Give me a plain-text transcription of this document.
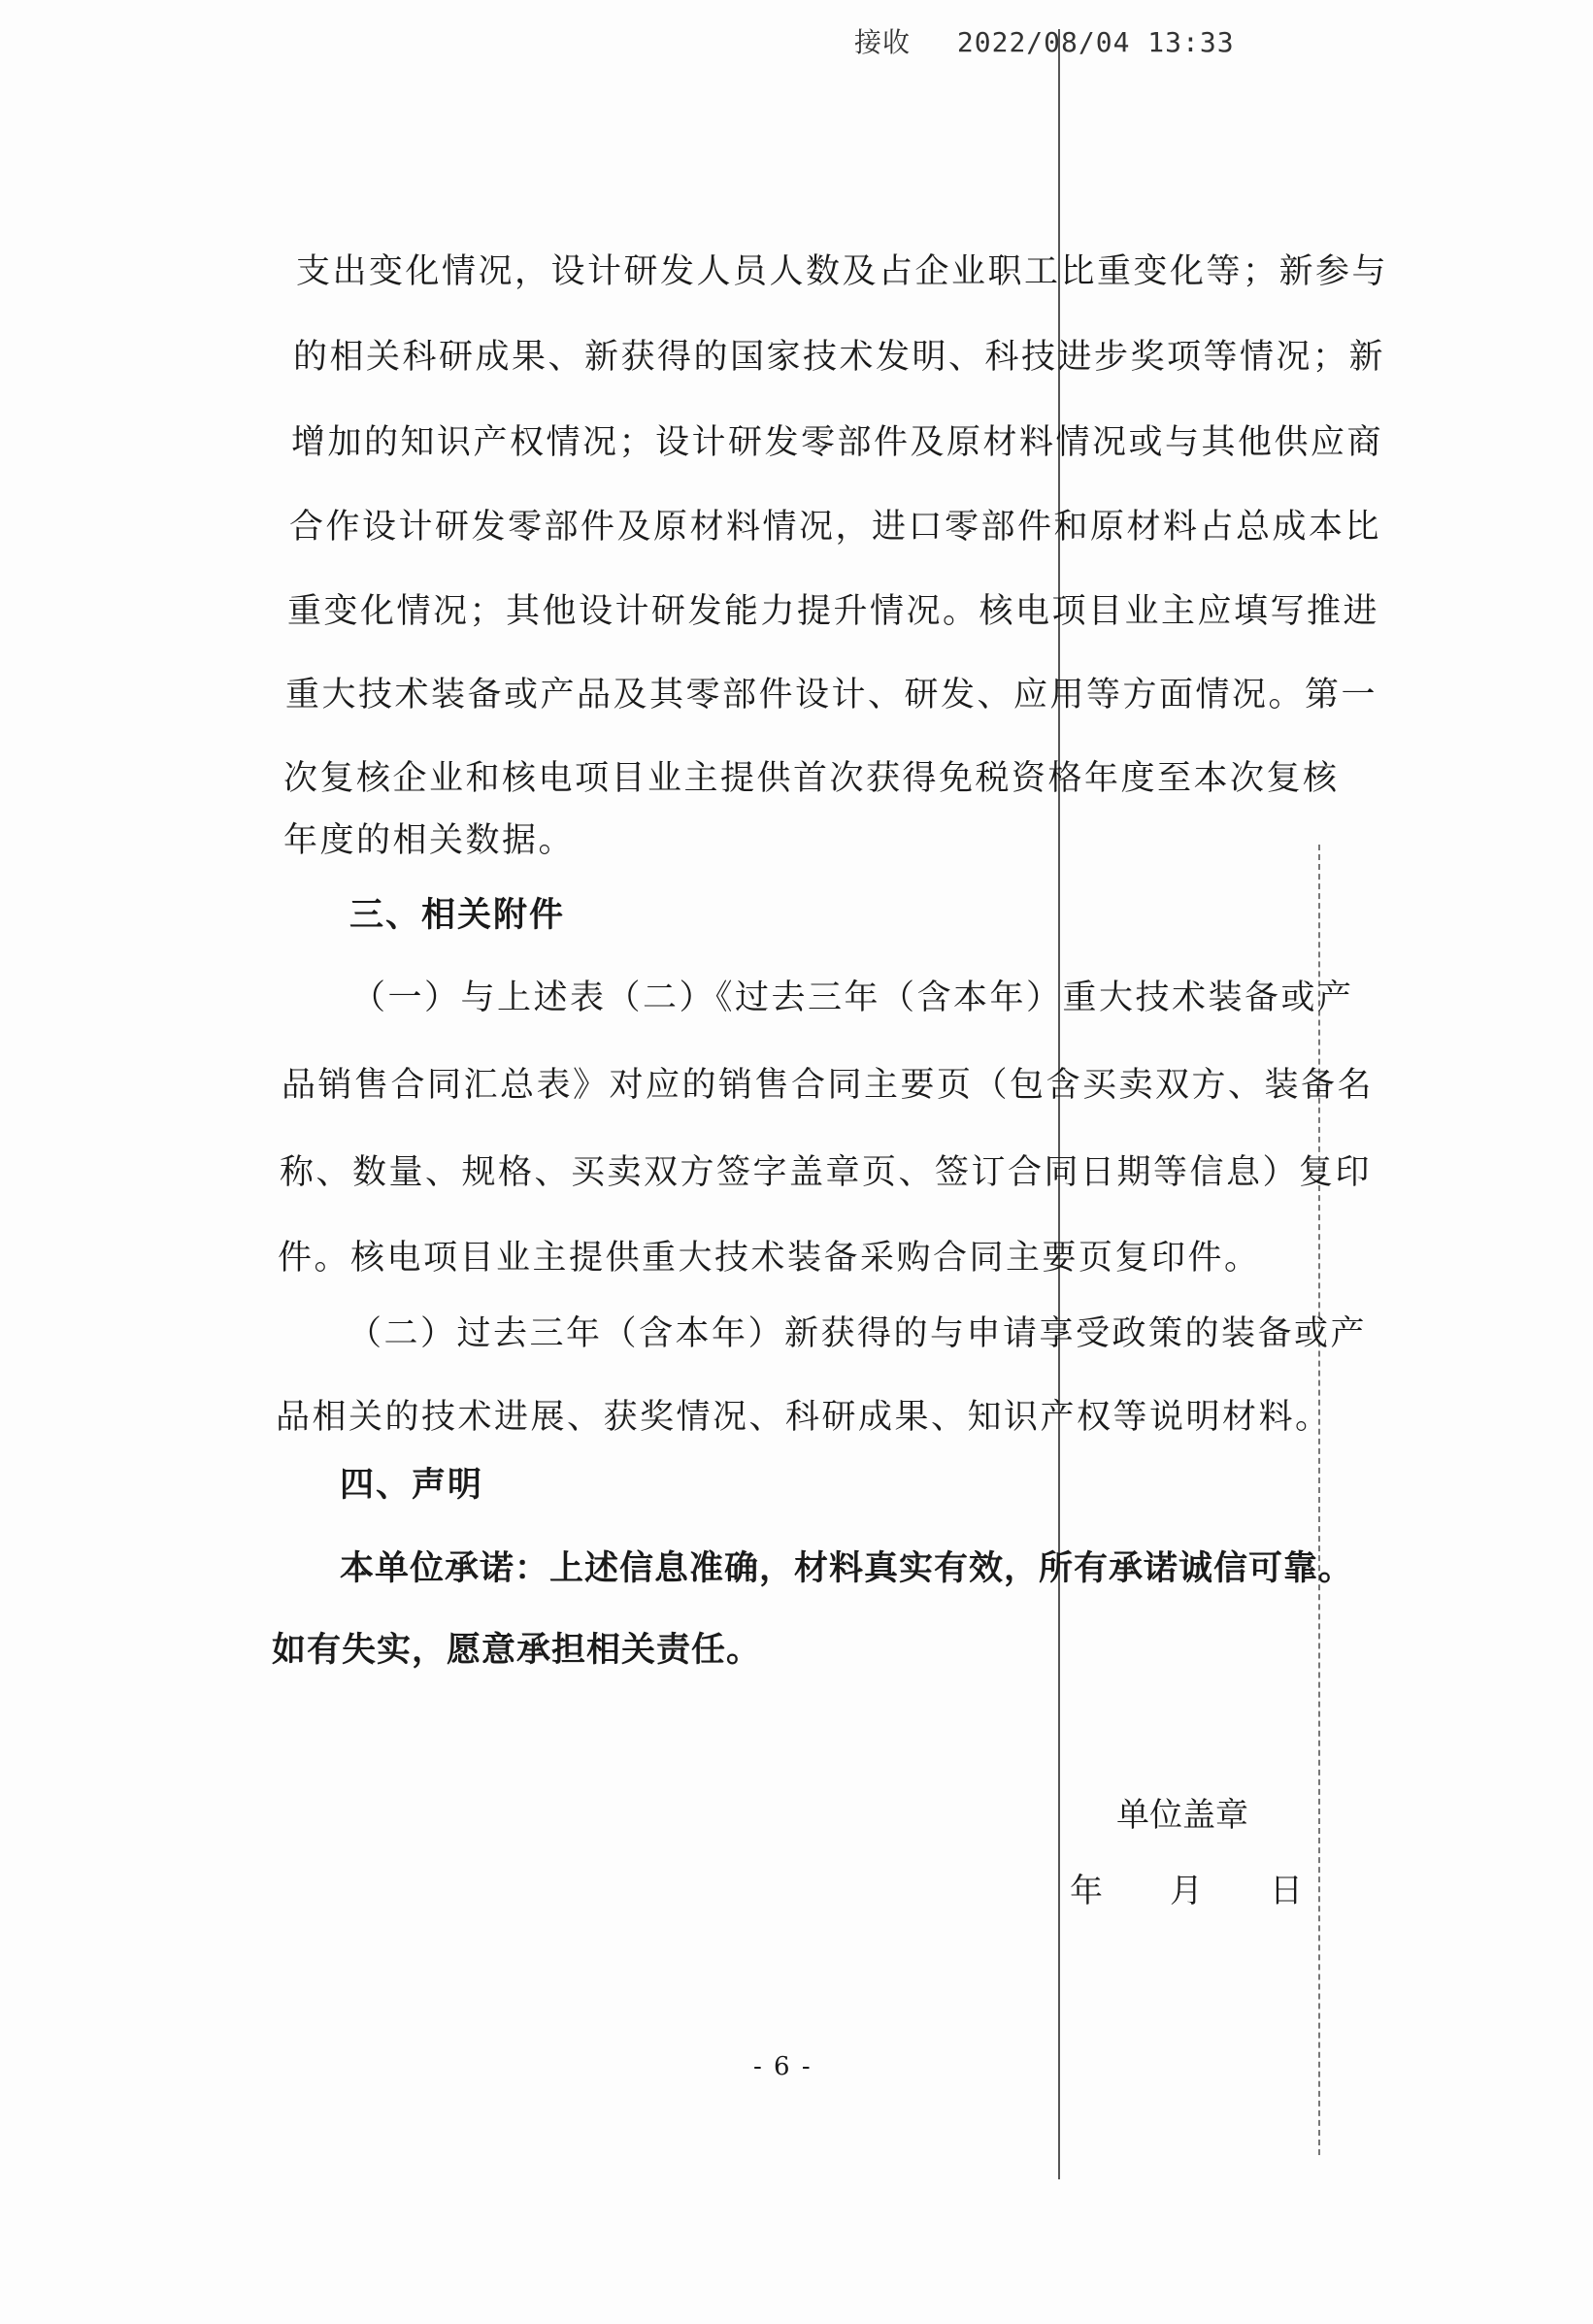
接收 2022/08/04 13:33
支出变化情况，设计研发人员人数及占企业职工比重变化等；新参与
的相关科研成果、新获得的国家技术发明、科技进步奖项等情况；新
增加的知识产权情况；设计研发零部件及原材料情况或与其他供应商
合作设计研发零部件及原材料情况，进口零部件和原材料占总成本比
重变化情况；其他设计研发能力提升情况。核电项目业主应填写推进
重大技术装备或产品及其零部件设计、研发、应用等方面情况。第一
次复核企业和核电项目业主提供首次获得免税资格年度至本次复核
年度的相关数据。
三、相关附件
（一）与上述表（二）《过去三年（含本年）重大技术装备或产
品销售合同汇总表》对应的销售合同主要页（包含买卖双方、装备名
称、数量、规格、买卖双方签字盖章页、签订合同日期等信息）复印
件。核电项目业主提供重大技术装备采购合同主要页复印件。
（二）过去三年（含本年）新获得的与申请享受政策的装备或产
品相关的技术进展、获奖情况、科研成果、知识产权等说明材料。
四、声明
本单位承诺：上述信息准确，材料真实有效，所有承诺诚信可靠。
如有失实，愿意承担相关责任。
单位盖章
年 月 日
- 6 -
